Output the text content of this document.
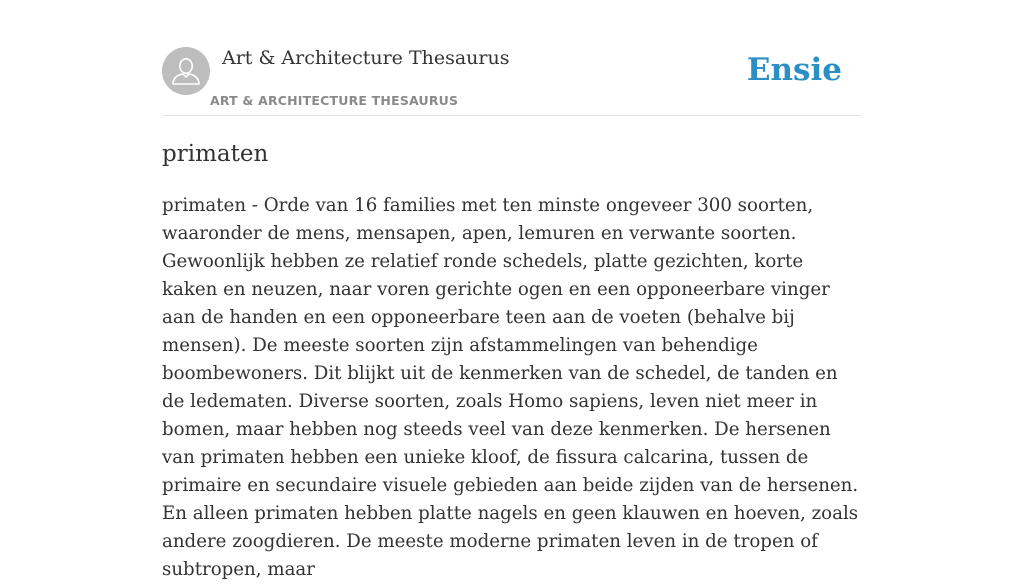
Art & Architecture Thesaurus
ART & ARCHITECTURE THESAURUS
Ensie
primaten

primaten - Orde van 16 families met ten minste ongeveer 300 soorten, waaronder de mens, mensapen, apen, lemuren en verwante soorten. Gewoonlijk hebben ze relatief ronde schedels, platte gezichten, korte kaken en neuzen, naar voren gerichte ogen en een opponeerbare vinger aan de handen en een opponeerbare teen aan de voeten (behalve bij mensen). De meeste soorten zijn afstammelingen van behendige boombewoners. Dit blijkt uit de kenmerken van de schedel, de tanden en de ledematen. Diverse soorten, zoals Homo sapiens, leven niet meer in bomen, maar hebben nog steeds veel van deze kenmerken. De hersenen van primaten hebben een unieke kloof, de fissura calcarina, tussen de primaire en secundaire visuele gebieden aan beide zijden van de hersenen. En alleen primaten hebben platte nagels en geen klauwen en hoeven, zoals andere zoogdieren. De meeste moderne primaten leven in de tropen of subtropen, maar
